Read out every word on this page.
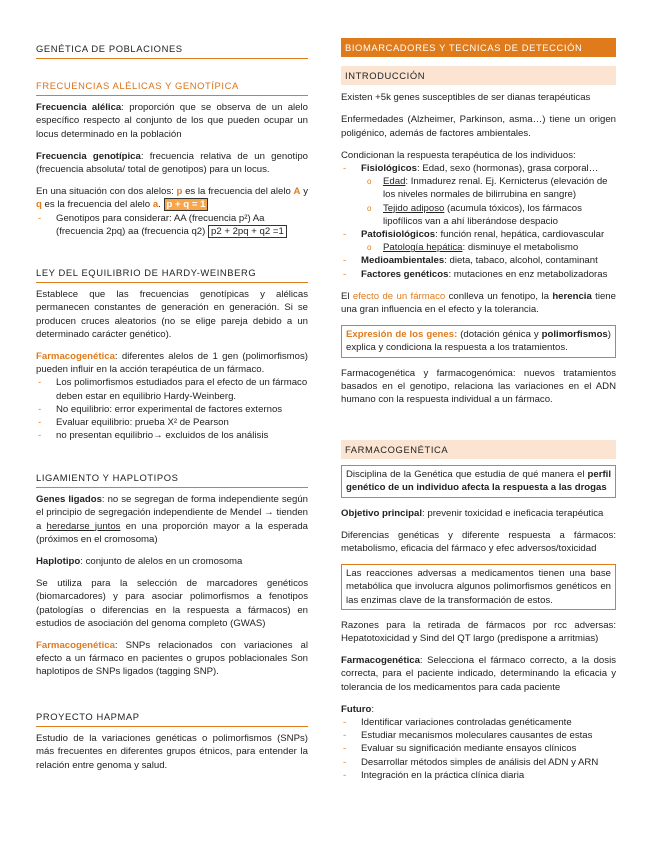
GENÉTICA DE POBLACIONES
FRECUENCIAS ALÉLICAS Y GENOTÍPICA

Frecuencia alélica: proporción que se observa de un alelo específico respecto al conjunto de los que pueden ocupar un locus determinado en la población

Frecuencia genotípica: frecuencia relativa de un genotipo (frecuencia absoluta/ total de genotipos) para un locus.

En una situación con dos alelos: p es la frecuencia del alelo A y q es la frecuencia del alelo a. p + q = 1

- Genotipos para considerar: AA (frecuencia p²) Aa (frecuencia 2pq) aa (frecuencia q2) p2 + 2pq + q2 =1
LEY DEL EQUILIBRIO DE HARDY-WEINBERG

Establece que las frecuencias genotípicas y alélicas permanecen constantes de generación en generación. Si se producen cruces aleatorios (no se elige pareja debido a un determinado carácter genético).

Farmacogenética: diferentes alelos de 1 gen (polimorfismos) pueden influir en la acción terapéutica de un fármaco.

- Los polimorfismos estudiados para el efecto de un fármaco deben estar en equilibrio Hardy-Weinberg.
- No equilibrio: error experimental de factores externos
- Evaluar equilibrio: prueba X² de Pearson
- no presentan equilibrio→ excluidos de los análisis
LIGAMIENTO Y HAPLOTIPOS

Genes ligados: no se segregan de forma independiente según el principio de segregación independiente de Mendel → tienden a heredarse juntos en una proporción mayor a la esperada (próximos en el cromosoma)

Haplotipo: conjunto de alelos en un cromosoma

Se utiliza para la selección de marcadores genéticos (biomarcadores) y para asociar polimorfismos a fenotipos (patologías o diferencias en la respuesta a fármacos) en estudios de asociación del genoma completo (GWAS)

Farmacogenética: SNPs relacionados con variaciones al efecto a un fármaco en pacientes o grupos poblacionales Son haplotipos de SNPs ligados (tagging SNP).

PROYECTO HAPMAP

Estudio de la variaciones genéticas o polimorfismos (SNPs) más frecuentes en diferentes grupos étnicos, para entender la relación entre genoma y salud.

BIOMARCADORES Y TECNICAS DE DETECCIÓN
INTRODUCCIÓN

Existen +5k genes susceptibles de ser dianas terapéuticas

Enfermedades (Alzheimer, Parkinson, asma…) tiene un origen poligénico, además de factores ambientales.

Condicionan la respuesta terapéutica de los individuos:

- Fisiológicos: Edad, sexo (hormonas), grasa corporal…
o Edad: Inmadurez renal. Ej. Kernicterus (elevación de los niveles normales de bilirrubina en sangre)
o Tejido adiposo (acumula tóxicos), los fármacos lipofílicos van a ahí liberándose despacio
- Patofisiológicos: función renal, hepática, cardiovascular
o Patología hepática: disminuye el metabolismo
- Medioambientales: dieta, tabaco, alcohol, contaminant
- Factores genéticos: mutaciones en enz metabolizadoras

El efecto de un fármaco conlleva un fenotipo, la herencia tiene una gran influencia en el efecto y la tolerancia.

Expresión de los genes: (dotación génica y polimorfismos) explica y condiciona la respuesta a los tratamientos.

Farmacogenética y farmacogenómica: nuevos tratamientos basados en el genotipo, relaciona las variaciones en el ADN humano con la respuesta individual a un fármaco.

FARMACOGENÉTICA

Disciplina de la Genética que estudia de qué manera el perfil genético de un individuo afecta la respuesta a las drogas

Objetivo principal: prevenir toxicidad e ineficacia terapéutica

Diferencias genéticas y diferente respuesta a fármacos: metabolismo, eficacia del fármaco y efec adversos/toxicidad

Las reacciones adversas a medicamentos tienen una base metabólica que involucra algunos polimorfismos genéticos en las enzimas clave de la transformación de estos.

Razones para la retirada de fármacos por rcc adversas: Hepatotoxicidad y Sind del QT largo (predispone a arritmias)

Farmacogenética: Selecciona el fármaco correcto, a la dosis correcta, para el paciente indicado, determinando la eficacia y tolerancia de los medicamentos para cada paciente

Futuro:

- Identificar variaciones controladas genéticamente
- Estudiar mecanismos moleculares causantes de estas
- Evaluar su significación mediante ensayos clínicos
- Desarrollar métodos simples de análisis del ADN y ARN
- Integración en la práctica clínica diaria
